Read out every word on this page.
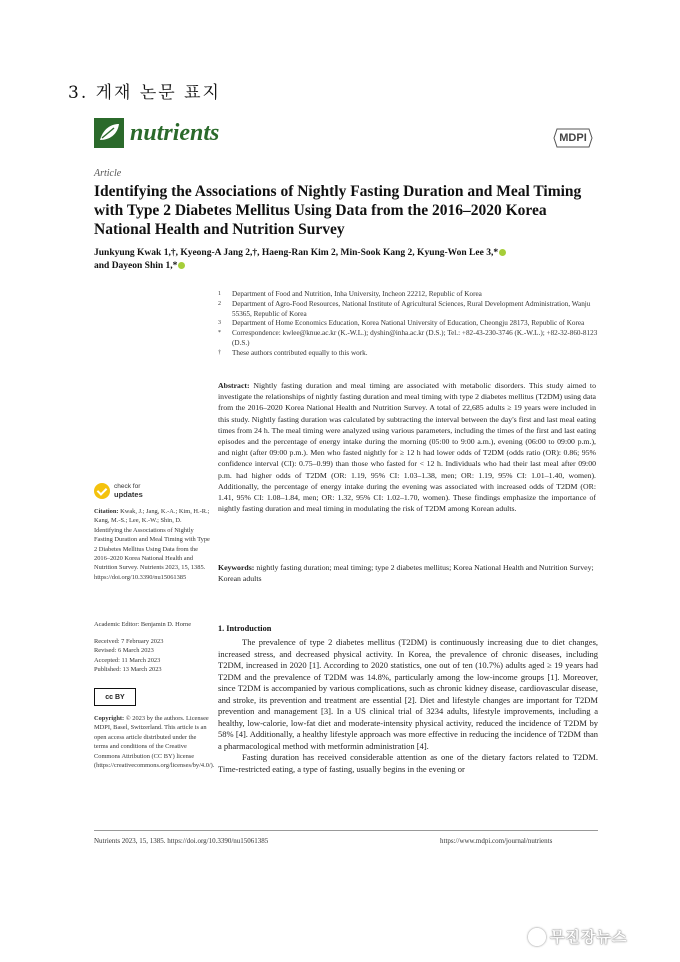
3. 게재 논문 표지
nutrients	MDPI
Article
Identifying the Associations of Nightly Fasting Duration and Meal Timing with Type 2 Diabetes Mellitus Using Data from the 2016–2020 Korea National Health and Nutrition Survey
Junkyung Kwak 1,†, Kyeong-A Jang 2,†, Haeng-Ran Kim 2, Min-Sook Kang 2, Kyung-Won Lee 3,*
and Dayeon Shin 1,*
1	Department of Food and Nutrition, Inha University, Incheon 22212, Republic of Korea
2	Department of Agro-Food Resources, National Institute of Agricultural Sciences, Rural Development Administration, Wanju 55365, Republic of Korea
3	Department of Home Economics Education, Korea National University of Education, Cheongju 28173, Republic of Korea
*	Correspondence: kwlee@knue.ac.kr (K.-W.L.); dyshin@inha.ac.kr (D.S.); Tel.: +82-43-230-3746 (K.-W.L.); +82-32-860-8123 (D.S.)
†	These authors contributed equally to this work.
Abstract: Nightly fasting duration and meal timing are associated with metabolic disorders. This study aimed to investigate the relationships of nightly fasting duration and meal timing with type 2 diabetes mellitus (T2DM) using data from the 2016–2020 Korea National Health and Nutrition Survey. A total of 22,685 adults ≥ 19 years were included in this study. Nightly fasting duration was calculated by subtracting the interval between the day's first and last meal eating times from 24 h. The meal timing were analyzed using various parameters, including the times of the first and last eating episodes and the percentage of energy intake during the morning (05:00 to 9:00 a.m.), evening (06:00 to 09:00 p.m.), and night (after 09:00 p.m.). Men who fasted nightly for ≥ 12 h had lower odds of T2DM (odds ratio (OR): 0.86; 95% confidence interval (CI): 0.75–0.99) than those who fasted for < 12 h. Individuals who had their last meal after 09:00 p.m. had higher odds of T2DM (OR: 1.19, 95% CI: 1.03–1.38, men; OR: 1.19, 95% CI: 1.01–1.40, women). Additionally, the percentage of energy intake during the evening was associated with increased odds of T2DM (OR: 1.41, 95% CI: 1.08–1.84, men; OR: 1.32, 95% CI: 1.02–1.70, women). These findings emphasize the importance of nightly fasting duration and meal timing in modulating the risk of T2DM among Korean adults.
Keywords: nightly fasting duration; meal timing; type 2 diabetes mellitus; Korea National Health and Nutrition Survey; Korean adults
check for
updates
Citation: Kwak, J.; Jang, K.-A.; Kim, H.-R.; Kang, M.-S.; Lee, K.-W.; Shin, D. Identifying the Associations of Nightly Fasting Duration and Meal Timing with Type 2 Diabetes Mellitus Using Data from the 2016–2020 Korea National Health and Nutrition Survey. Nutrients 2023, 15, 1385. https://doi.org/10.3390/nu15061385
Academic Editor: Benjamin D. Horne
Received: 7 February 2023
Revised: 6 March 2023
Accepted: 11 March 2023
Published: 13 March 2023
cc BY
Copyright: © 2023 by the authors. Licensee MDPI, Basel, Switzerland. This article is an open access article distributed under the terms and conditions of the Creative Commons Attribution (CC BY) license (https://creativecommons.org/licenses/by/4.0/).
1. Introduction

The prevalence of type 2 diabetes mellitus (T2DM) is continuously increasing due to diet changes, increased stress, and decreased physical activity. In Korea, the prevalence of chronic diseases, including T2DM, increased in 2020 [1]. According to 2020 statistics, one out of ten (10.7%) adults aged ≥ 19 years had T2DM and the prevalence of T2DM was 14.8%, particularly among the low-income groups [1]. Moreover, since T2DM is accompanied by various complications, such as chronic kidney disease, cardiovascular disease, and stroke, its prevention and treatment are essential [2]. Diet and lifestyle changes are important for T2DM prevention and management [3]. In a US clinical trial of 3234 adults, lifestyle improvements, including a healthy, low-calorie, low-fat diet and moderate-intensity physical activity, reduced the incidence of T2DM by 58% [4]. Additionally, a healthy lifestyle approach was more effective in reducing the incidence of T2DM than a pharmacological method with metformin administration [4].

Fasting duration has received considerable attention as one of the dietary factors related to T2DM. Time-restricted eating, a type of fasting, usually begins in the evening or

Nutrients 2023, 15, 1385. https://doi.org/10.3390/nu15061385	https://www.mdpi.com/journal/nutrients
무진장뉴스
